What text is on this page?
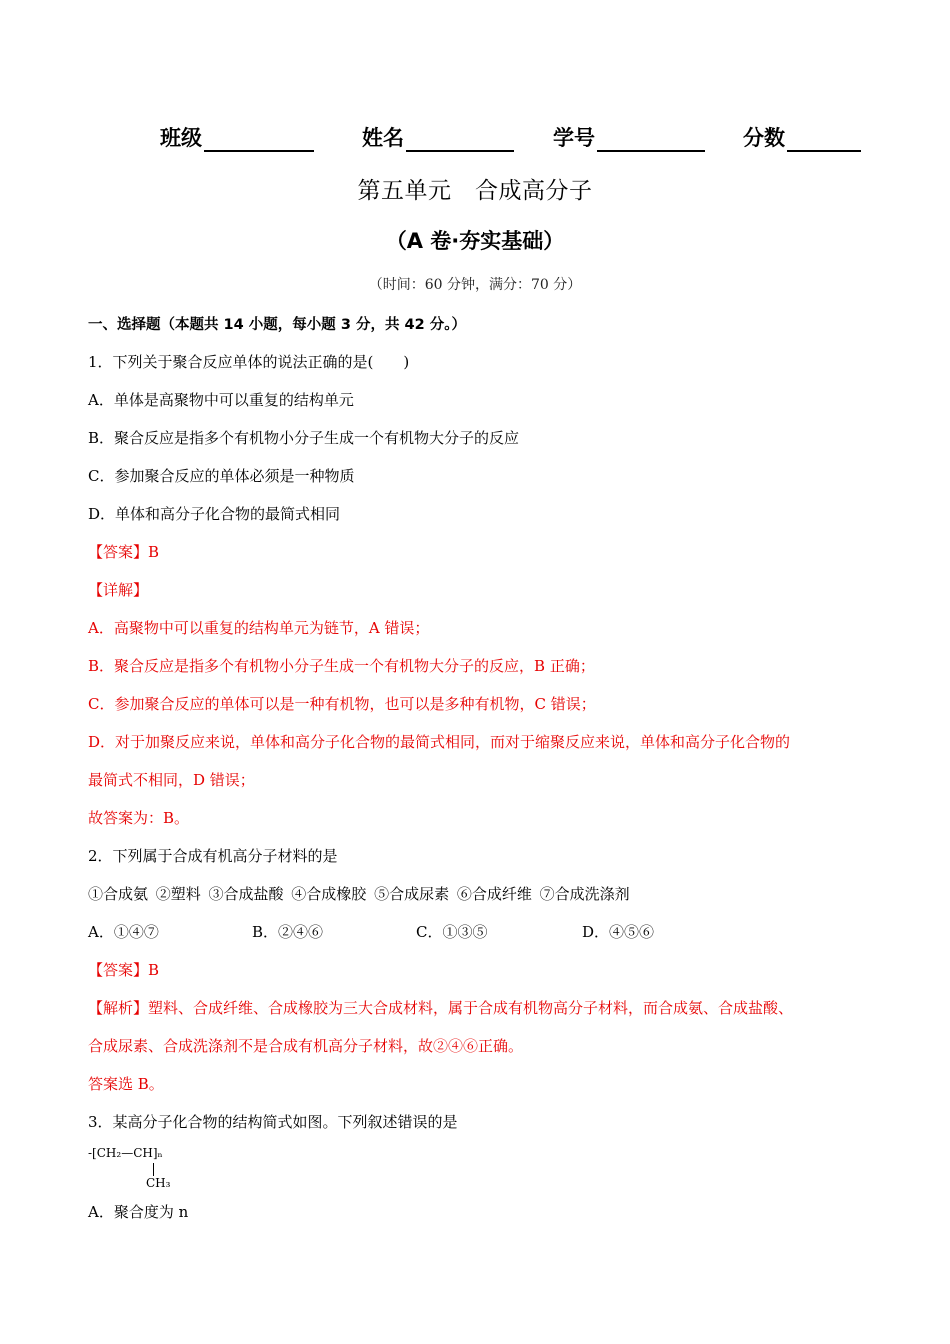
班级	姓名	学号	分数
第五单元　合成高分子
（A 卷·夯实基础）
（时间：60 分钟，满分：70 分）
一、选择题（本题共 14 小题，每小题 3 分，共 42 分。）
1．下列关于聚合反应单体的说法正确的是(　　)
A．单体是高聚物中可以重复的结构单元
B．聚合反应是指多个有机物小分子生成一个有机物大分子的反应
C．参加聚合反应的单体必须是一种物质
D．单体和高分子化合物的最简式相同
【答案】B
【详解】
A．高聚物中可以重复的结构单元为链节，A 错误；
B．聚合反应是指多个有机物小分子生成一个有机物大分子的反应，B 正确；
C．参加聚合反应的单体可以是一种有机物，也可以是多种有机物，C 错误；
D．对于加聚反应来说，单体和高分子化合物的最简式相同，而对于缩聚反应来说，单体和高分子化合物的
最简式不相同，D 错误；
故答案为：B。
2．下列属于合成有机高分子材料的是
①合成氨 ②塑料 ③合成盐酸 ④合成橡胶 ⑤合成尿素 ⑥合成纤维 ⑦合成洗涤剂
A．①④⑦	B．②④⑥	C．①③⑤	D．④⑤⑥
【答案】B
【解析】塑料、合成纤维、合成橡胶为三大合成材料，属于合成有机物高分子材料，而合成氨、合成盐酸、
合成尿素、合成洗涤剂不是合成有机高分子材料，故②④⑥正确。
答案选 B。
3．某高分子化合物的结构简式如图。下列叙述错误的是
-[CH₂—CH]ₙ
CH₃
A．聚合度为 n
